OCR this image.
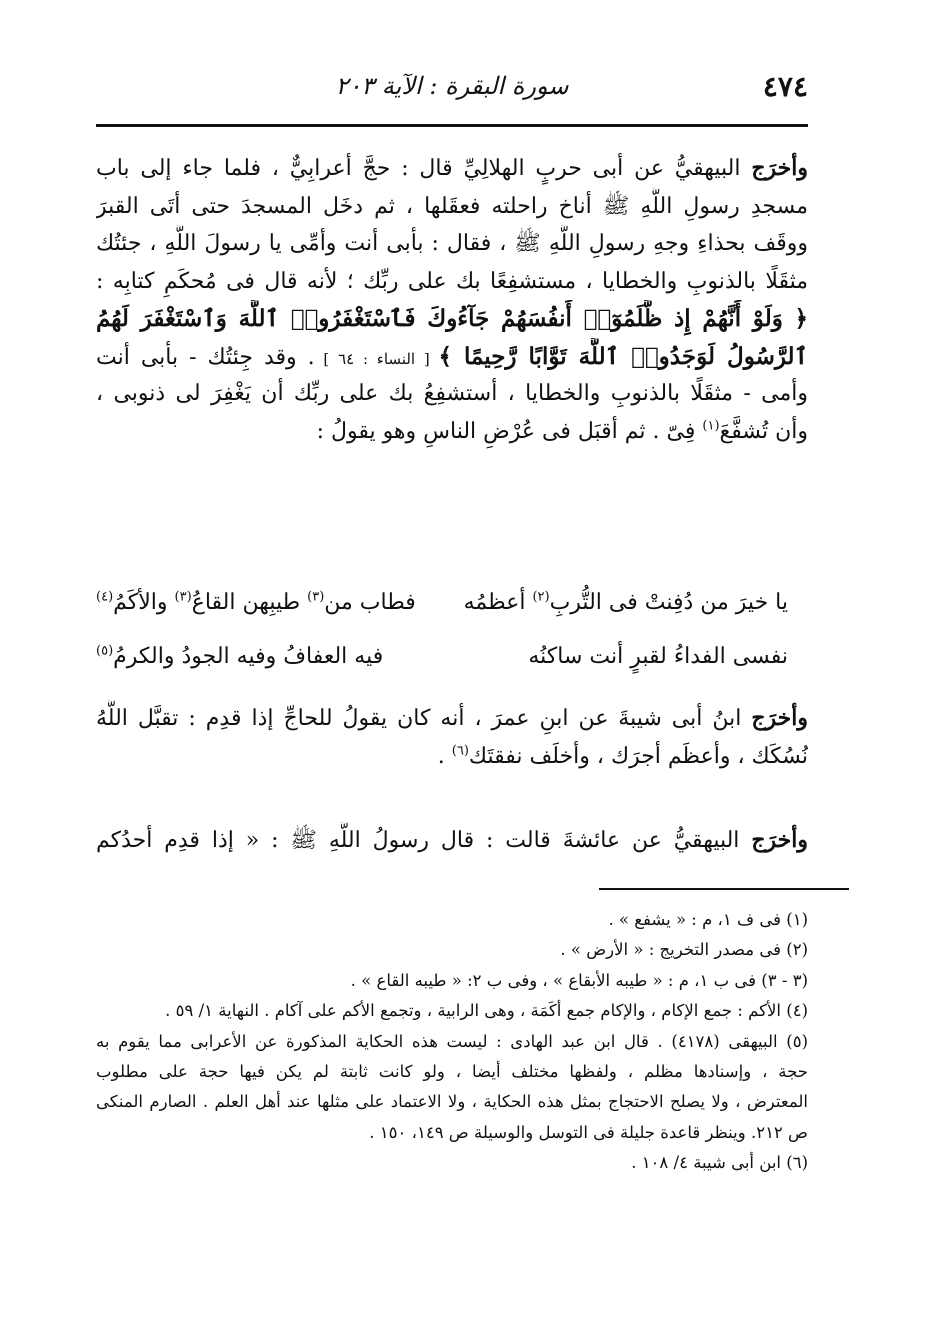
٤٧٤
سورة البقرة : الآية ٢٠٣
وأخرَج البيهقيُّ عن أبى حربٍ الهلالِيِّ قال : حجَّ أعرابِيٌّ ، فلما جاء إلى باب
مسجدِ رسولِ اللَّهِ ﷺ أناخ راحلته فعقَلها ، ثم دخَل المسجدَ حتى أتَى القبرَ
ووقَف بحذاءِ وجهِ رسولِ اللَّهِ ﷺ ، فقال : بأبى أنت وأمِّى يا رسولَ اللَّهِ ، جئتُك
مثقَلًا بالذنوبِ والخطايا ، مستشفِعًا بك على ربِّك ؛ لأنه قال فى مُحكَمِ كتابِه :
﴿ وَلَوْ أَنَّهُمْ إِذ ظَّلَمُوٓا۟ أَنفُسَهُمْ جَآءُوكَ فَٱسْتَغْفَرُوا۟ ٱللَّهَ وَٱسْتَغْفَرَ لَهُمُ
ٱلرَّسُولُ لَوَجَدُوا۟ ٱللَّهَ تَوَّابًا رَّحِيمًا ﴾ [ النساء : ٦٤ ] . وقد جِئتُك - بأبى أنت
وأمى - مثقَلًا بالذنوبِ والخطايا ، أستشفِعُ بك على ربِّك أن يَغْفِرَ لى ذنوبى ،
وأن تُشفَّعَ$^{(١)}$ فِىّ . ثم أقبَل فى عُرْضِ الناسِ وهو يقولُ :
يا خيرَ من دُفِنتْ فى التُّربِ$^{(٢)}$ أعظمُه
فطاب من$^{(٣)}$ طيبِهن القاعُ$^{(٣)}$ والأكَمُ$^{(٤)}$
نفسى الفداءُ لقبرٍ أنت ساكنُه
فيه العفافُ وفيه الجودُ والكرمُ$^{(٥)}$
وأخرَج ابنُ أبى شيبةَ عن ابنِ عمرَ ، أنه كان يقولُ للحاجِّ إذا قدِم : تقبَّل اللَّهُ
نُسُكَك ، وأعظَم أجرَك ، وأخلَف نفقتَك$^{(٦)}$ .
وأخرَج البيهقيُّ عن عائشةَ قالت : قال رسولُ اللَّهِ ﷺ : « إذا قدِم أحدُكم
(١) فى ف ١، م : « يشفع » .
(٢) فى مصدر التخريج : « الأرض » .
(٣ - ٣) فى ب ١، م : « طيبه الأبقاع » ، وفى ب ٢: « طيبه القاع » .
(٤) الأكم : جمع الإكام ، والإكام جمع أكَمَة ، وهى الرابية ، وتجمع الأكم على آكام . النهاية ١/ ٥٩ .
(٥) البيهقى (٤١٧٨) . قال ابن عبد الهادى : ليست هذه الحكاية المذكورة عن الأعرابى مما يقوم به
حجة ، وإسنادها مظلم ، ولفظها مختلف أيضا ، ولو كانت ثابتة لم يكن فيها حجة على مطلوب
المعترض ، ولا يصلح الاحتجاج بمثل هذه الحكاية ، ولا الاعتماد على مثلها عند أهل العلم . الصارم المنكى
ص ٢١٢. وينظر قاعدة جليلة فى التوسل والوسيلة ص ١٤٩، ١٥٠ .
(٦) ابن أبى شيبة ٤/ ١٠٨ .
